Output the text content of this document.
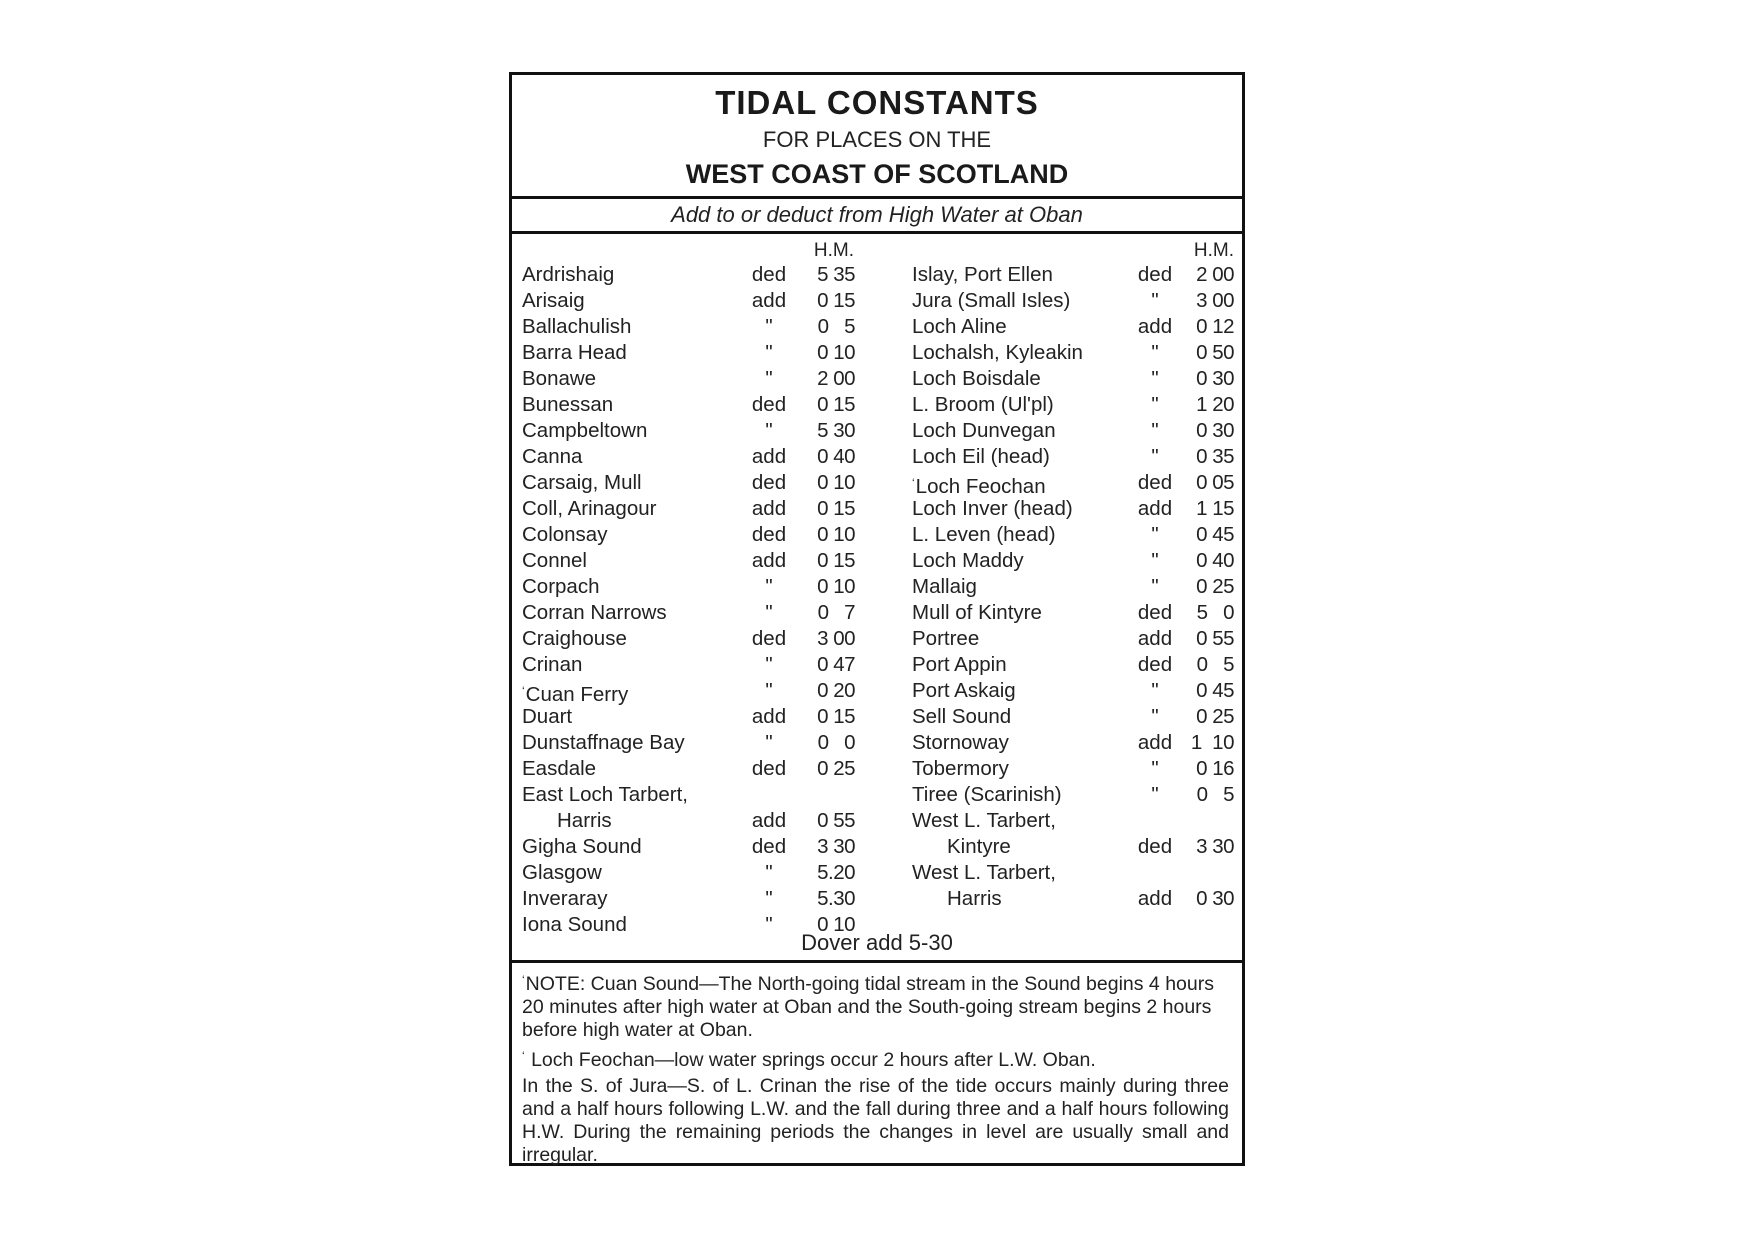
TIDAL CONSTANTS
FOR PLACES ON THE
WEST COAST OF SCOTLAND
Add to or deduct from High Water at Oban
H.M.
Ardrishaig	ded	5 35
Arisaig	add	0 15
Ballachulish	"	0   5
Barra Head	"	0 10
Bonawe	"	2 00
Bunessan	ded	0 15
Campbeltown	"	5 30
Canna	add	0 40
Carsaig, Mull	ded	0 10
Coll, Arinagour	add	0 15
Colonsay	ded	0 10
Connel	add	0 15
Corpach	"	0 10
Corran Narrows	"	0   7
Craighouse	ded	3 00
Crinan	"	0 47
‘Cuan Ferry	"	0 20
Duart	add	0 15
Dunstaffnage Bay	"	0   0
Easdale	ded	0 25
East Loch Tarbert,
Harris	add	0 55
Gigha Sound	ded	3 30
Glasgow	"	5.20
Inveraray	"	5.30
Iona Sound	"	0 10
H.M.
Islay, Port Ellen	ded	2 00
Jura (Small Isles)	"	3 00
Loch Aline	add	0 12
Lochalsh, Kyleakin	"	0 50
Loch Boisdale	"	0 30
L. Broom (Ul'pl)	"	1 20
Loch Dunvegan	"	0 30
Loch Eil (head)	"	0 35
‘Loch Feochan	ded	0 05
Loch Inver (head)	add	1 15
L. Leven (head)	"	0 45
Loch Maddy	"	0 40
Mallaig	"	0 25
Mull of Kintyre	ded	5   0
Portree	add	0 55
Port Appin	ded	0   5
Port Askaig	"	0 45
Sell Sound	"	0 25
Stornoway	add 1  10
Tobermory	"	0 16
Tiree (Scarinish)	"	0   5
West L. Tarbert,
Kintyre	ded	3 30
West L. Tarbert,
Harris	add	0 30
Dover add 5-30

‘NOTE: Cuan Sound—The North-going tidal stream in the Sound begins 4 hours 20 minutes after high water at Oban and the South-going stream begins 2 hours before high water at Oban.

‘ Loch Feochan—low water springs occur 2 hours after L.W. Oban.

In the S. of Jura—S. of L. Crinan the rise of the tide occurs mainly during three and a half hours following L.W. and the fall during three and a half hours following H.W. During the remaining periods the changes in level are usually small and irregular.
